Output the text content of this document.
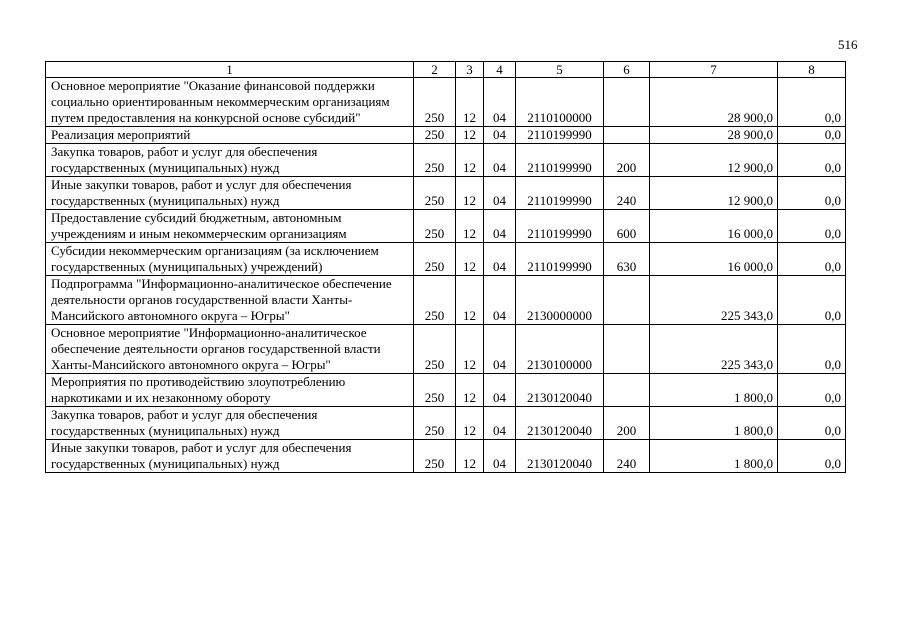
516
1	2	3	4	5	6	7	8
Основное мероприятие "Оказание финансовой поддержки социально ориентированным некоммерческим организациям путем предоставления на конкурсной основе субсидий"	250	12	04	2110100000		28 900,0	0,0
Реализация мероприятий	250	12	04	2110199990		28 900,0	0,0
Закупка товаров, работ и услуг для обеспечения государственных (муниципальных) нужд	250	12	04	2110199990	200	12 900,0	0,0
Иные закупки товаров, работ и услуг для обеспечения государственных (муниципальных) нужд	250	12	04	2110199990	240	12 900,0	0,0
Предоставление субсидий бюджетным, автономным учреждениям и иным некоммерческим организациям	250	12	04	2110199990	600	16 000,0	0,0
Субсидии некоммерческим организациям (за исключением государственных (муниципальных) учреждений)	250	12	04	2110199990	630	16 000,0	0,0
Подпрограмма "Информационно-аналитическое обеспечение деятельности органов государственной власти Ханты-Мансийского автономного округа – Югры"	250	12	04	2130000000		225 343,0	0,0
Основное мероприятие "Информационно-аналитическое обеспечение деятельности органов государственной власти Ханты-Мансийского автономного округа – Югры"	250	12	04	2130100000		225 343,0	0,0
Мероприятия по противодействию злоупотреблению наркотиками и их незаконному обороту	250	12	04	2130120040		1 800,0	0,0
Закупка товаров, работ и услуг для обеспечения государственных (муниципальных) нужд	250	12	04	2130120040	200	1 800,0	0,0
Иные закупки товаров, работ и услуг для обеспечения государственных (муниципальных) нужд	250	12	04	2130120040	240	1 800,0	0,0
